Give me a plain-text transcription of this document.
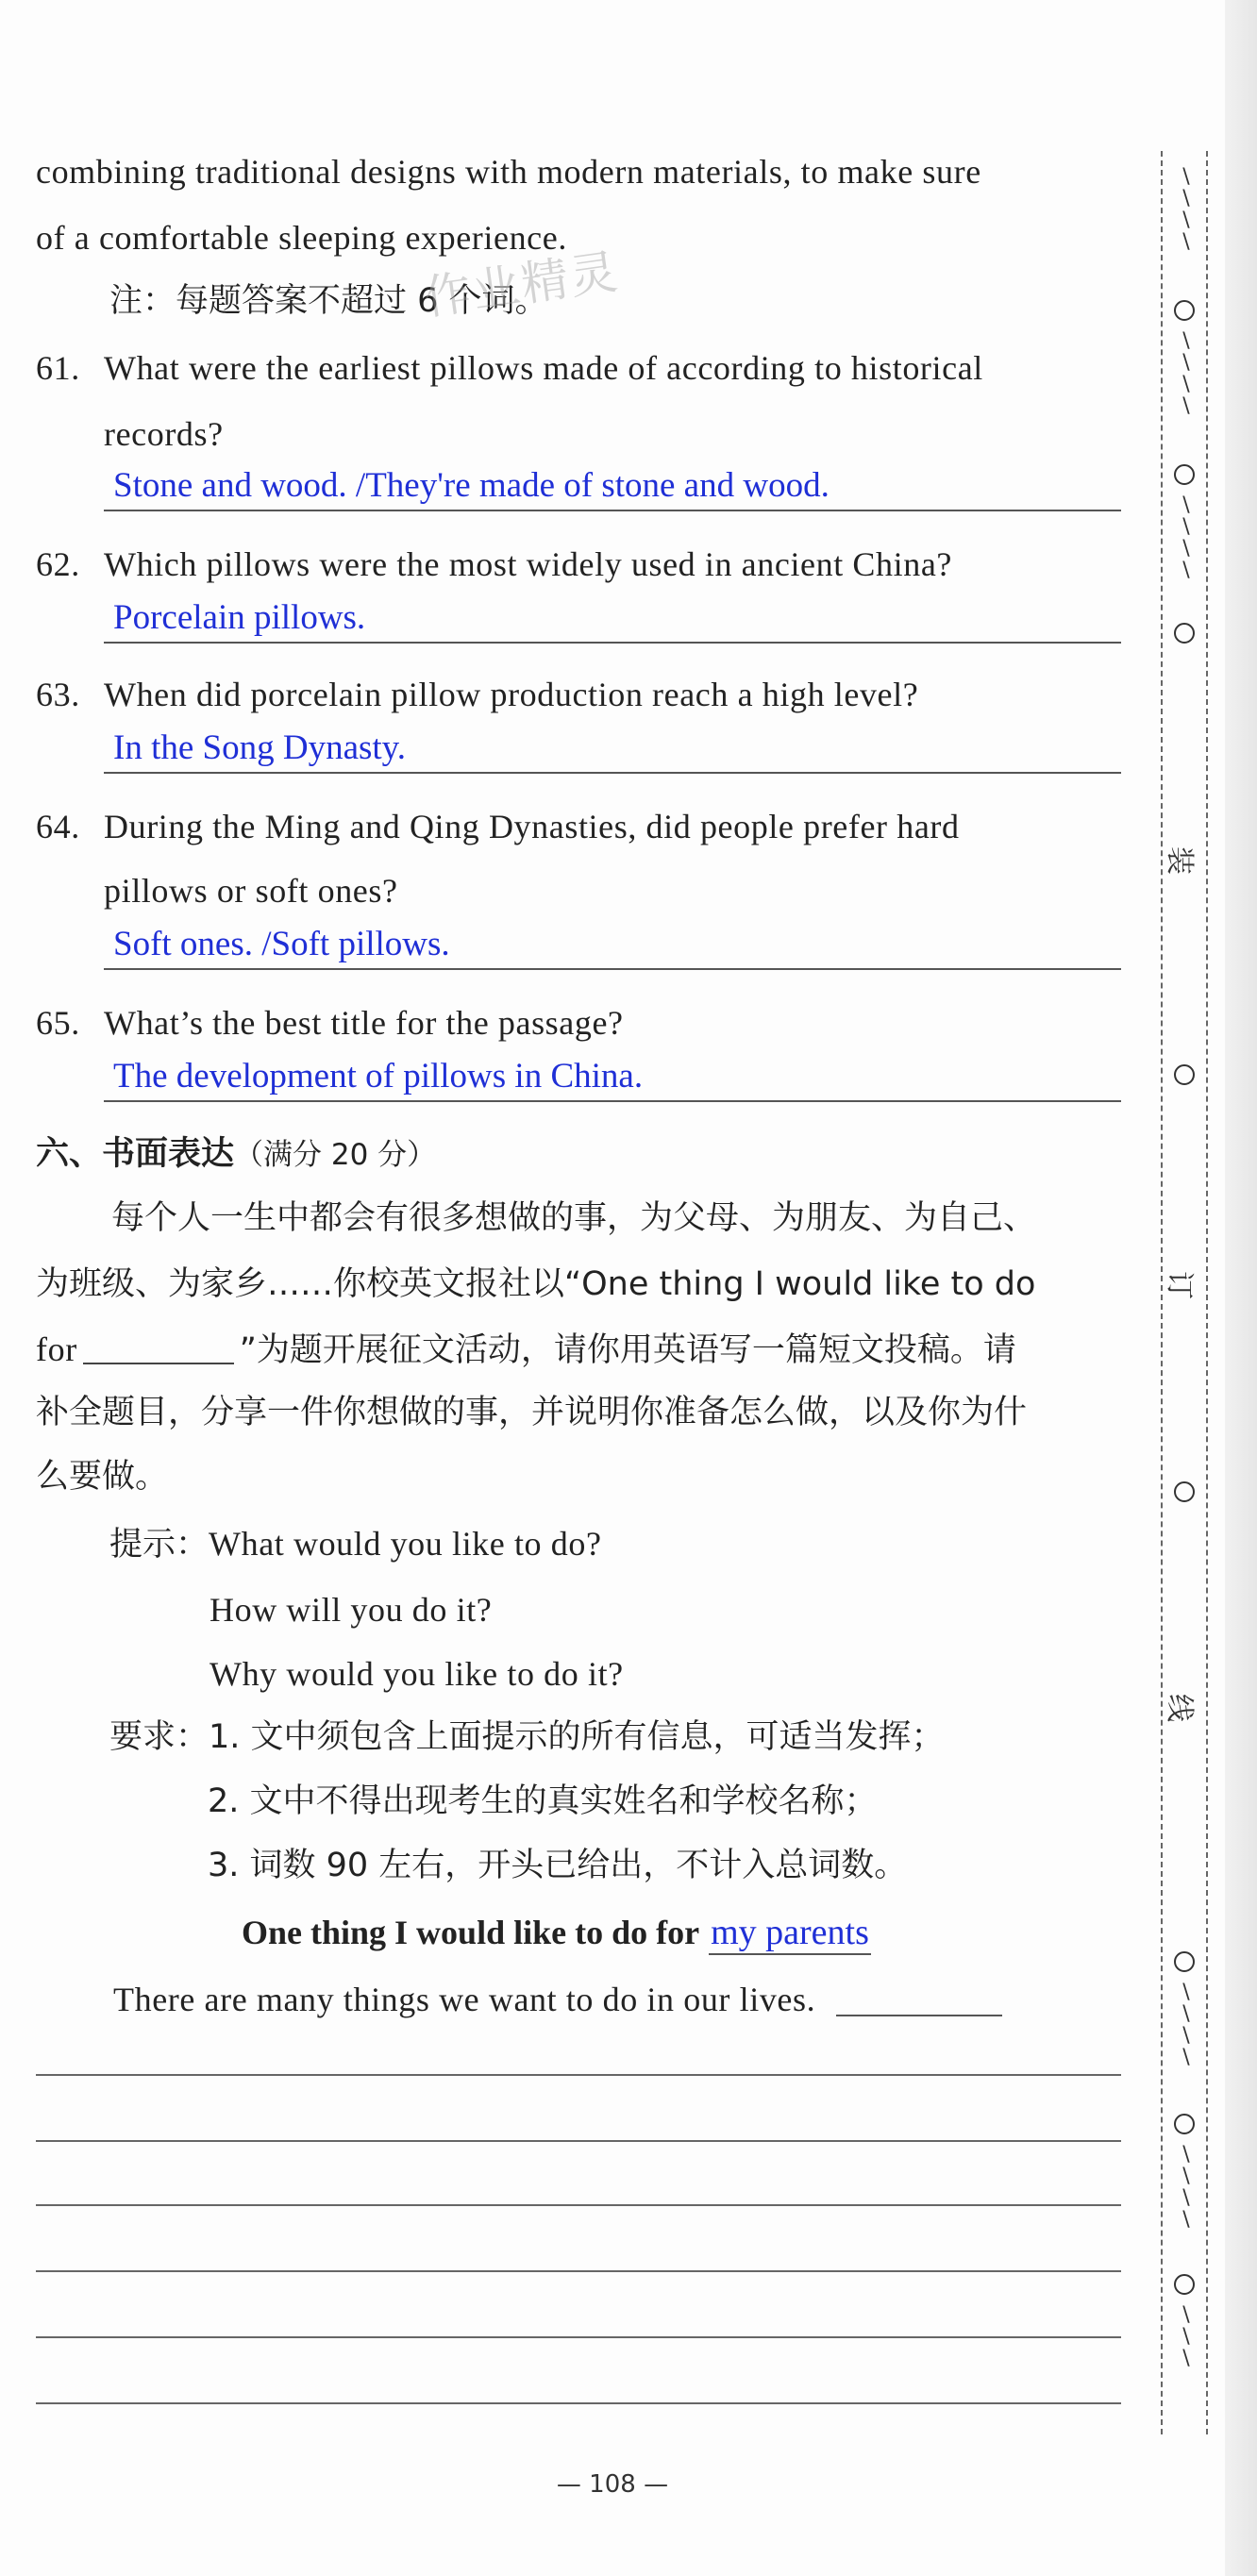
combining traditional designs with modern materials, to make sure
of a comfortable sleeping experience.
注：每题答案不超过 6 个词。
61. What were the earliest pillows made of according to historical
records?
Stone and wood. /They're made of stone and wood.
62. Which pillows were the most widely used in ancient China?
Porcelain pillows.
63. When did porcelain pillow production reach a high level?
In the Song Dynasty.
64. During the Ming and Qing Dynasties, did people prefer hard
pillows or soft ones?
Soft ones. /Soft pillows.
65. What’s the best title for the passage?
The development of pillows in China.
六、书面表达（满分 20 分）
每个人一生中都会有很多想做的事，为父母、为朋友、为自己、
为班级、为家乡……你校英文报社以“One thing I would like to do
for	”为题开展征文活动，请你用英语写一篇短文投稿。请
补全题目，分享一件你想做的事，并说明你准备怎么做，以及你为什
么要做。
提示：What would you like to do?
How will you do it?
Why would you like to do it?
要求：1. 文中须包含上面提示的所有信息，可适当发挥；
2. 文中不得出现考生的真实姓名和学校名称；
3. 词数 90 左右，开头已给出，不计入总词数。
One thing I would like to do for my parents
There are many things we want to do in our lives.
作业精灵
\
\
\
\
\
\
\
\
\
\
\
\
装
订
线
\
\
\
\
\
\
\
\
\
\
\
— 108 —
